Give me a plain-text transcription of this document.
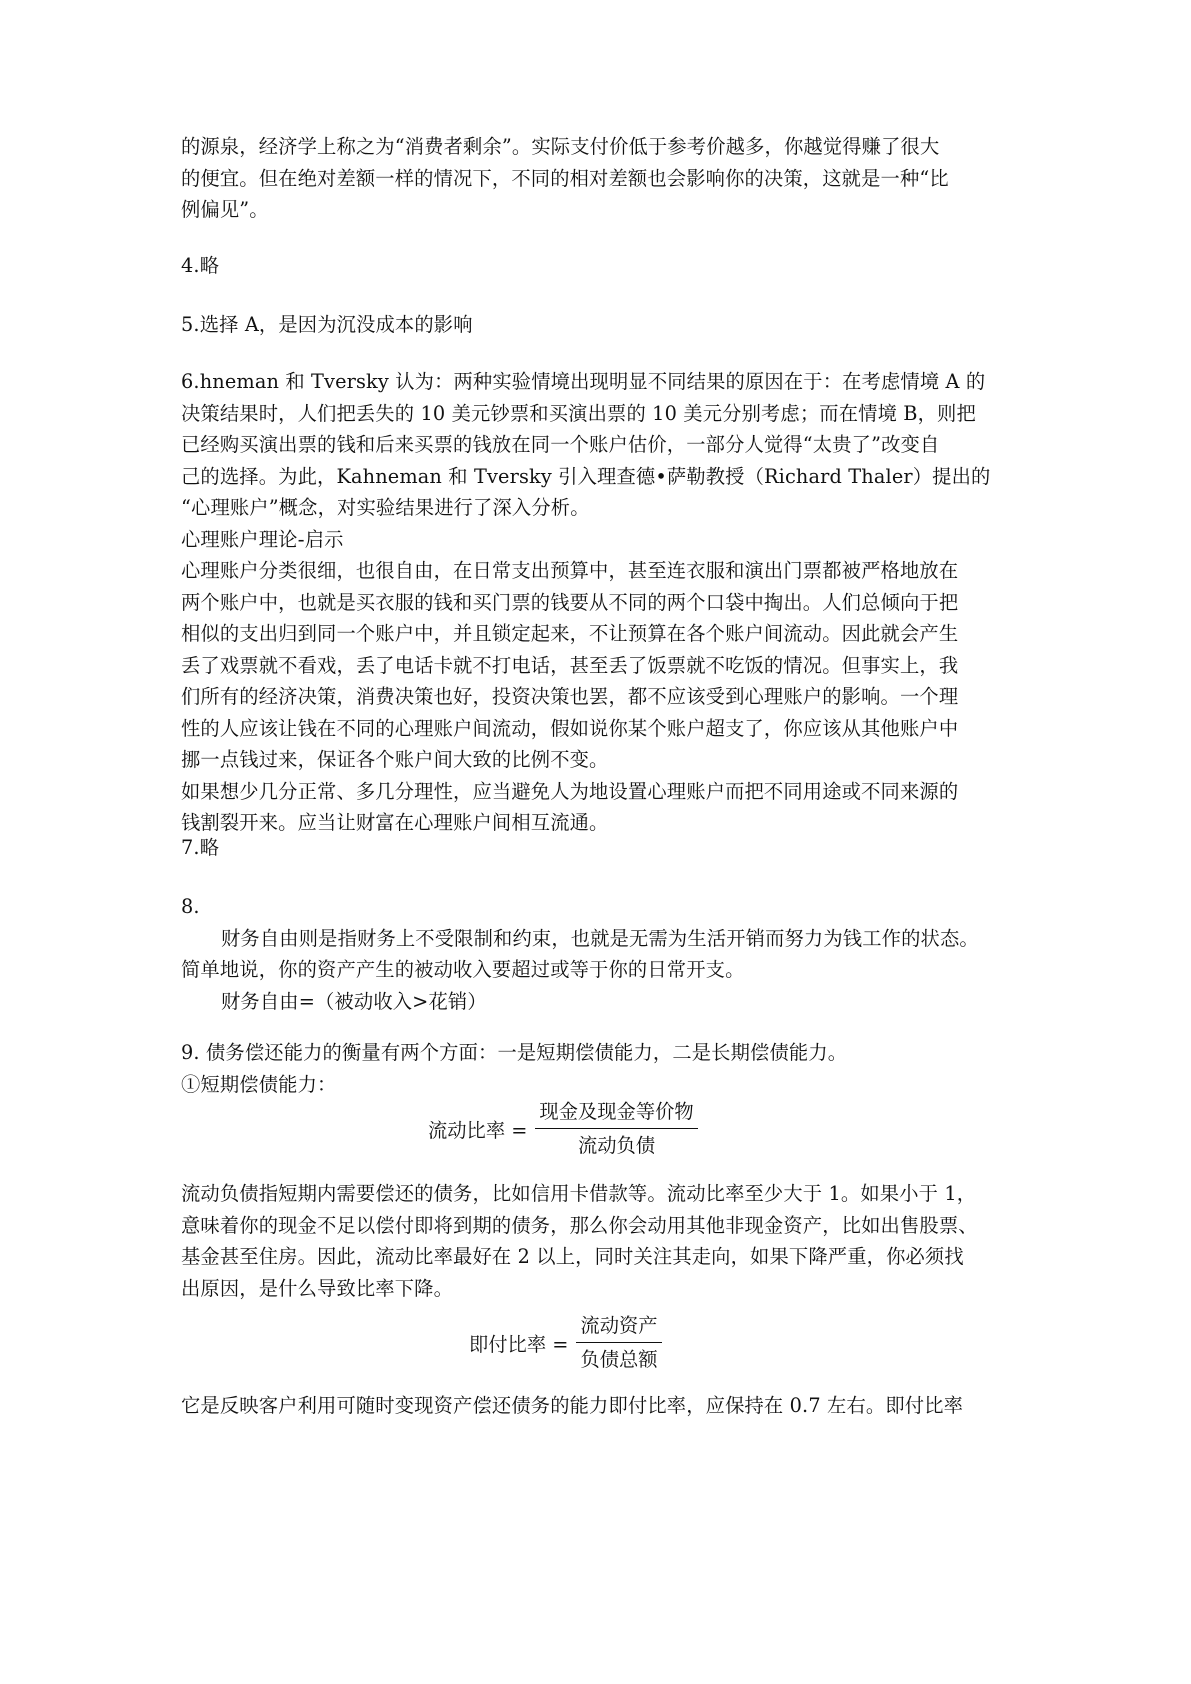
的源泉，经济学上称之为“消费者剩余”。实际支付价低于参考价越多，你越觉得赚了很大
的便宜。但在绝对差额一样的情况下，不同的相对差额也会影响你的决策，这就是一种“比
例偏见”。
4.略
5.选择 A，是因为沉没成本的影响
6.hneman 和 Tversky 认为：两种实验情境出现明显不同结果的原因在于：在考虑情境 A 的
决策结果时，人们把丢失的 10 美元钞票和买演出票的 10 美元分别考虑；而在情境 B，则把
已经购买演出票的钱和后来买票的钱放在同一个账户估价，一部分人觉得“太贵了”改变自
己的选择。为此，Kahneman 和 Tversky 引入理查德•萨勒教授（Richard Thaler）提出的
“心理账户”概念，对实验结果进行了深入分析。
心理账户理论-启示
心理账户分类很细，也很自由，在日常支出预算中，甚至连衣服和演出门票都被严格地放在
两个账户中，也就是买衣服的钱和买门票的钱要从不同的两个口袋中掏出。人们总倾向于把
相似的支出归到同一个账户中，并且锁定起来，不让预算在各个账户间流动。因此就会产生
丢了戏票就不看戏，丢了电话卡就不打电话，甚至丢了饭票就不吃饭的情况。但事实上，我
们所有的经济决策，消费决策也好，投资决策也罢，都不应该受到心理账户的影响。一个理
性的人应该让钱在不同的心理账户间流动，假如说你某个账户超支了，你应该从其他账户中
挪一点钱过来，保证各个账户间大致的比例不变。
如果想少几分正常、多几分理性，应当避免人为地设置心理账户而把不同用途或不同来源的
钱割裂开来。应当让财富在心理账户间相互流通。
7.略
8.
财务自由则是指财务上不受限制和约束，也就是无需为生活开销而努力为钱工作的状态。
简单地说，你的资产产生的被动收入要超过或等于你的日常开支。
财务自由=（被动收入>花销）
9. 债务偿还能力的衡量有两个方面：一是短期偿债能力，二是长期偿债能力。
①短期偿债能力：
流动比率 = $\frac{\text{现金及现金等价物}}{\text{流动负债}}$
流动负债指短期内需要偿还的债务，比如信用卡借款等。流动比率至少大于 1。如果小于 1，
意味着你的现金不足以偿付即将到期的债务，那么你会动用其他非现金资产，比如出售股票、
基金甚至住房。因此，流动比率最好在 2 以上，同时关注其走向，如果下降严重，你必须找
出原因，是什么导致比率下降。
即付比率 = $\frac{\text{流动资产}}{\text{负债总额}}$
它是反映客户利用可随时变现资产偿还债务的能力即付比率，应保持在 0.7 左右。即付比率
